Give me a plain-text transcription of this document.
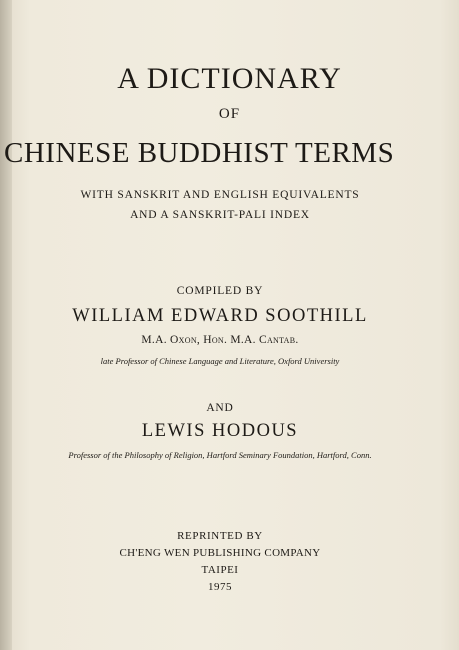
A DICTIONARY
OF
CHINESE BUDDHIST TERMS
WITH SANSKRIT AND ENGLISH EQUIVALENTS
AND A SANSKRIT-PALI INDEX
COMPILED BY
WILLIAM EDWARD SOOTHILL
M.A. Oxon, Hon. M.A. Cantab.
late Professor of Chinese Language and Literature, Oxford University
AND
LEWIS HODOUS
Professor of the Philosophy of Religion, Hartford Seminary Foundation, Hartford, Conn.
REPRINTED BY
CH'ENG WEN PUBLISHING COMPANY
TAIPEI
1975
